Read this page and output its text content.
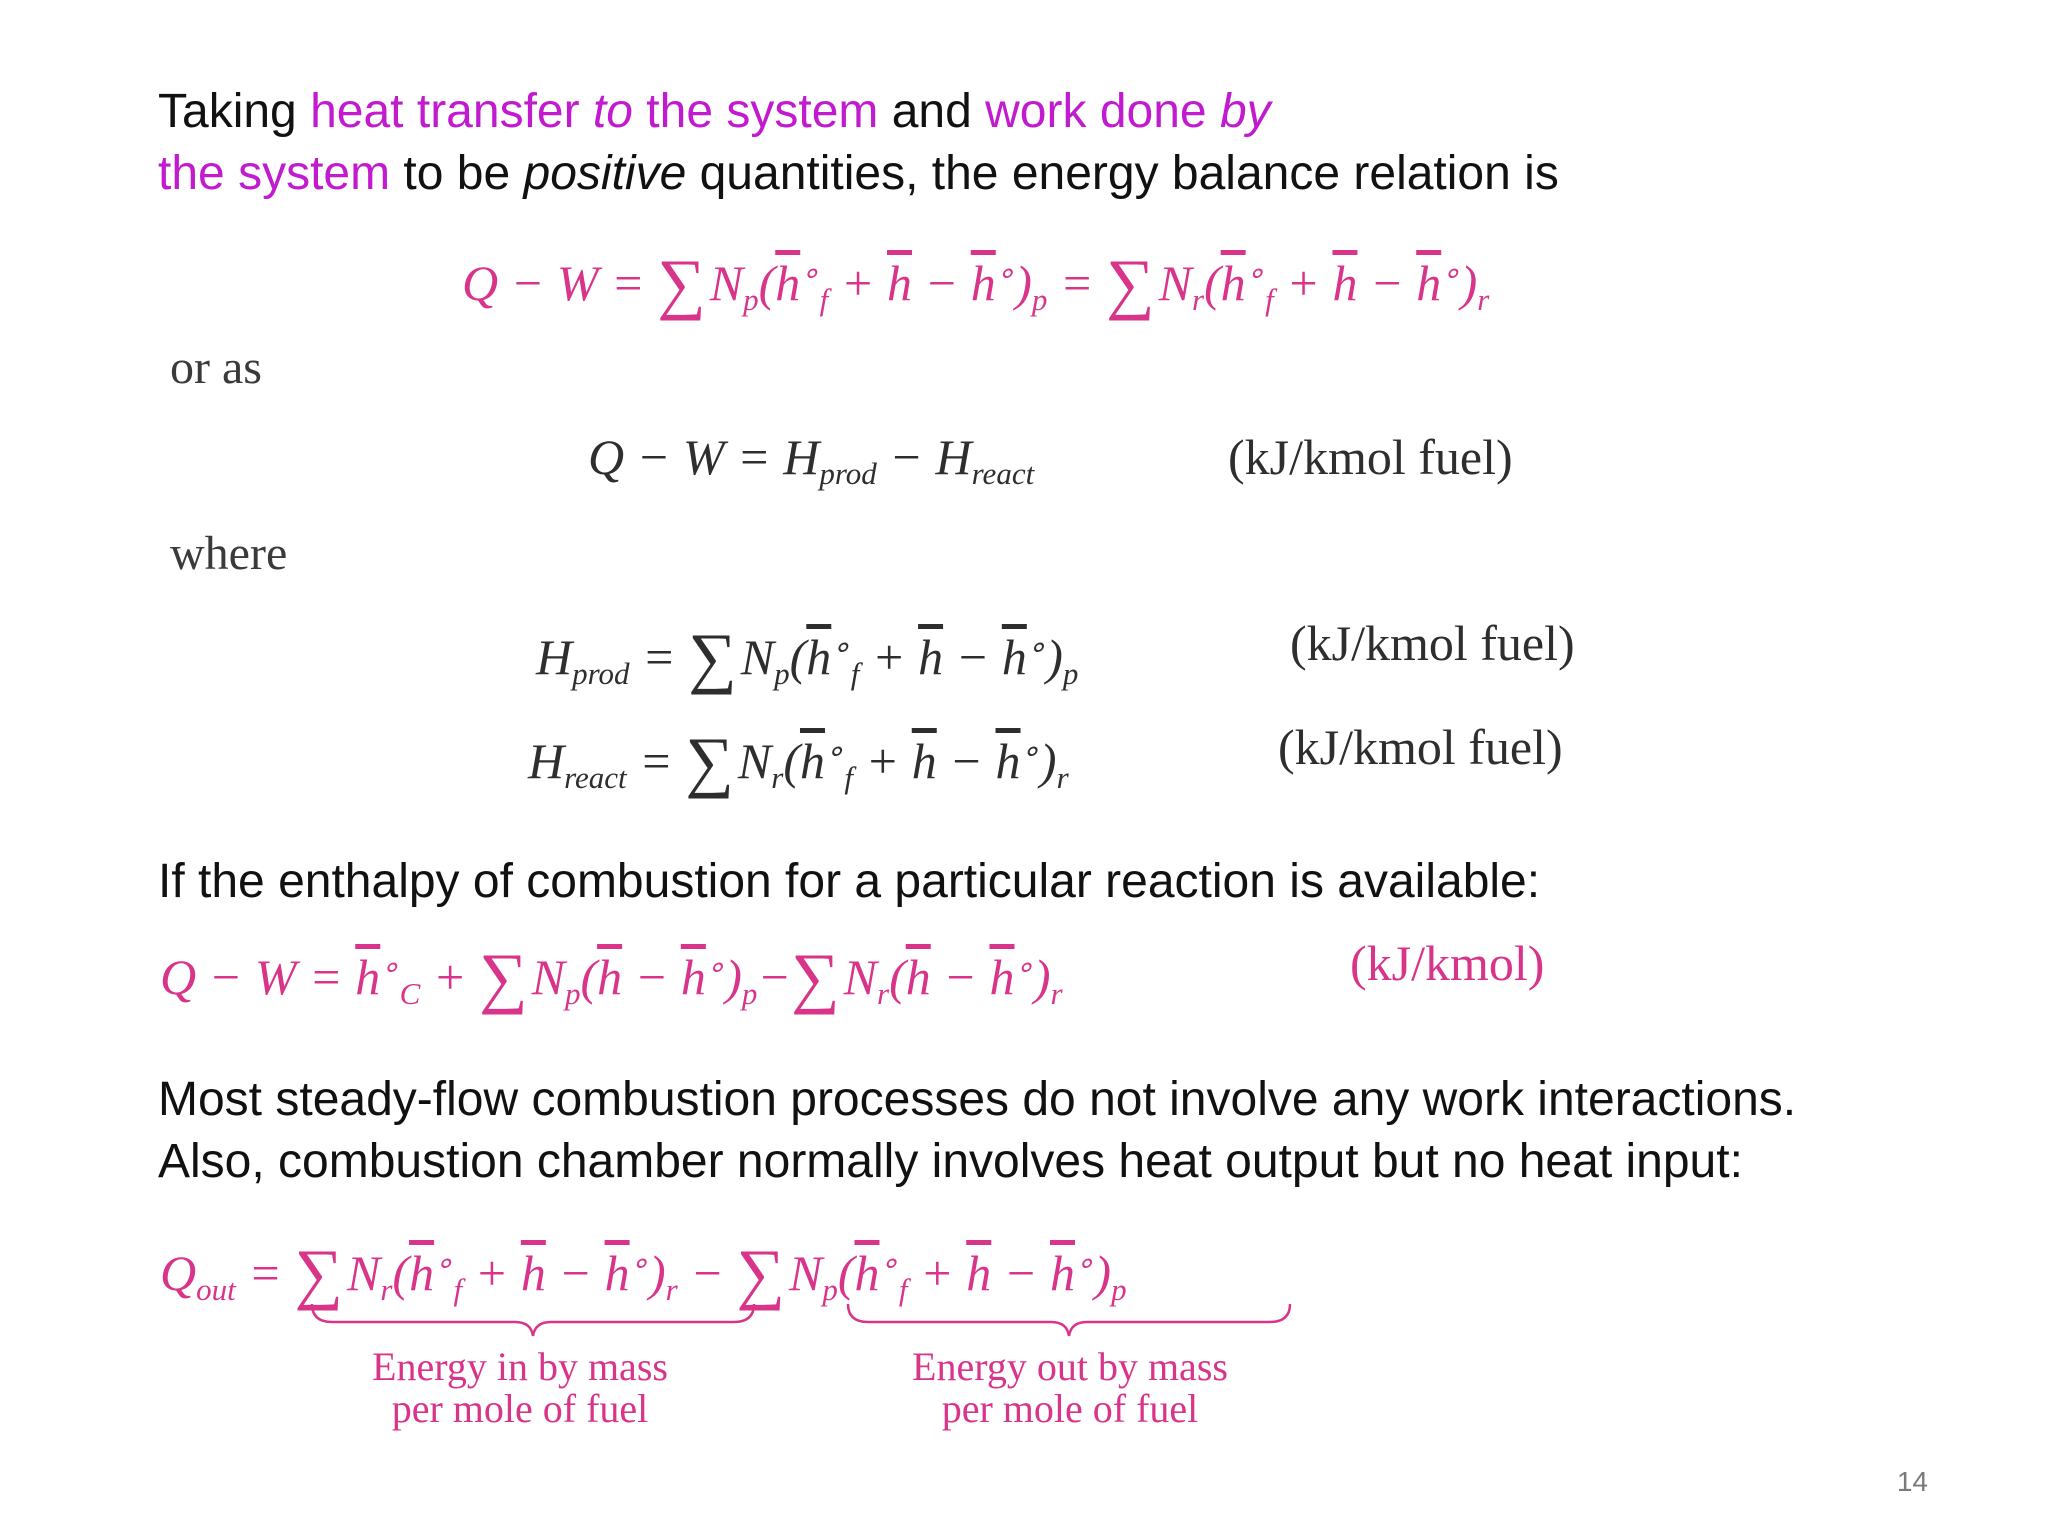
Taking heat transfer to the system and work done by
the system to be positive quantities, the energy balance relation is
$Q - W = \sum N_p(\overline{h}^\circ_f + \overline{h} - \overline{h}^\circ)_p = \sum N_r(\overline{h}^\circ_f + \overline{h} - \overline{h}^\circ)_r$
or as
$Q - W = H_{prod} - H_{react}$	(kJ/kmol fuel)
where
$H_{prod} = \sum N_p(\overline{h}^\circ_f + \overline{h} - \overline{h}^\circ)_p$
(kJ/kmol fuel)
$H_{react} = \sum N_r(\overline{h}^\circ_f + \overline{h} - \overline{h}^\circ)_r$
(kJ/kmol fuel)
If the enthalpy of combustion for a particular reaction is available:
$Q - W = \overline{h}^\circ_C + \sum N_p(\overline{h} - \overline{h}^\circ)_p-\sum N_r(\overline{h} - \overline{h}^\circ)_r$
(kJ/kmol)
Most steady-flow combustion processes do not involve any work interactions.
Also, combustion chamber normally involves heat output but no heat input:
$Q_{out} = \sum N_r(\overline{h}^\circ_f + \overline{h} - \overline{h}^\circ)_r - \sum N_p(\overline{h}^\circ_f + \overline{h} - \overline{h}^\circ)_p$
Energy in by mass
per mole of fuel
Energy out by mass
per mole of fuel
14
